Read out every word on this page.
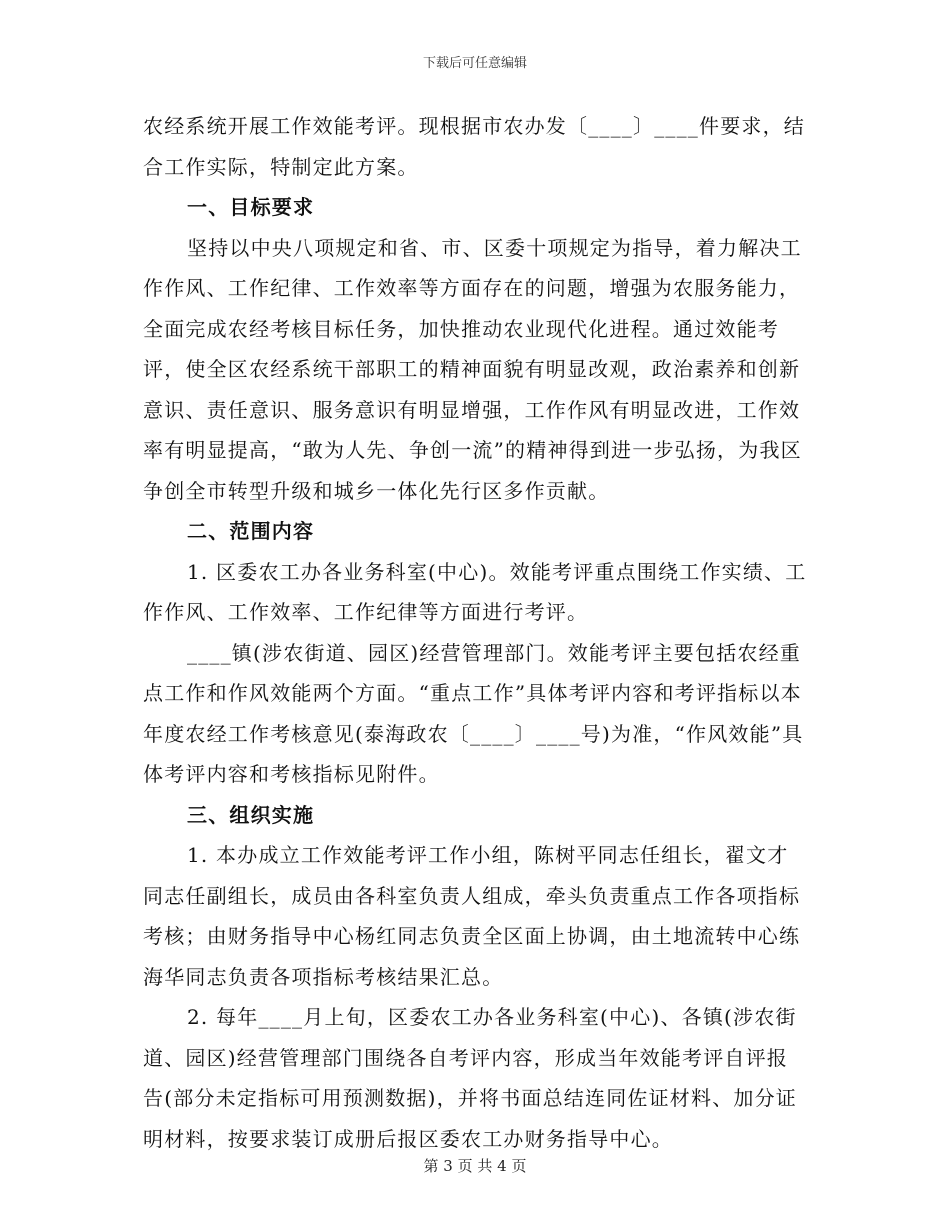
下载后可任意编辑

农经系统开展工作效能考评。现根据市农办发〔____〕____件要求，结合工作实际，特制定此方案。

一、目标要求

坚持以中央八项规定和省、市、区委十项规定为指导，着力解决工作作风、工作纪律、工作效率等方面存在的问题，增强为农服务能力，全面完成农经考核目标任务，加快推动农业现代化进程。通过效能考评，使全区农经系统干部职工的精神面貌有明显改观，政治素养和创新意识、责任意识、服务意识有明显增强，工作作风有明显改进，工作效率有明显提高，“敢为人先、争创一流”的精神得到进一步弘扬，为我区争创全市转型升级和城乡一体化先行区多作贡献。

二、范围内容

1. 区委农工办各业务科室(中心)。效能考评重点围绕工作实绩、工作作风、工作效率、工作纪律等方面进行考评。

____镇(涉农街道、园区)经营管理部门。效能考评主要包括农经重点工作和作风效能两个方面。“重点工作”具体考评内容和考评指标以本年度农经工作考核意见(泰海政农〔____〕____号)为准，“作风效能”具体考评内容和考核指标见附件。

三、组织实施

1. 本办成立工作效能考评工作小组，陈树平同志任组长，翟文才同志任副组长，成员由各科室负责人组成，牵头负责重点工作各项指标考核；由财务指导中心杨红同志负责全区面上协调，由土地流转中心练海华同志负责各项指标考核结果汇总。

2. 每年____月上旬，区委农工办各业务科室(中心)、各镇(涉农街道、园区)经营管理部门围绕各自考评内容，形成当年效能考评自评报告(部分未定指标可用预测数据)，并将书面总结连同佐证材料、加分证明材料，按要求装订成册后报区委农工办财务指导中心。

第 3 页 共 4 页
